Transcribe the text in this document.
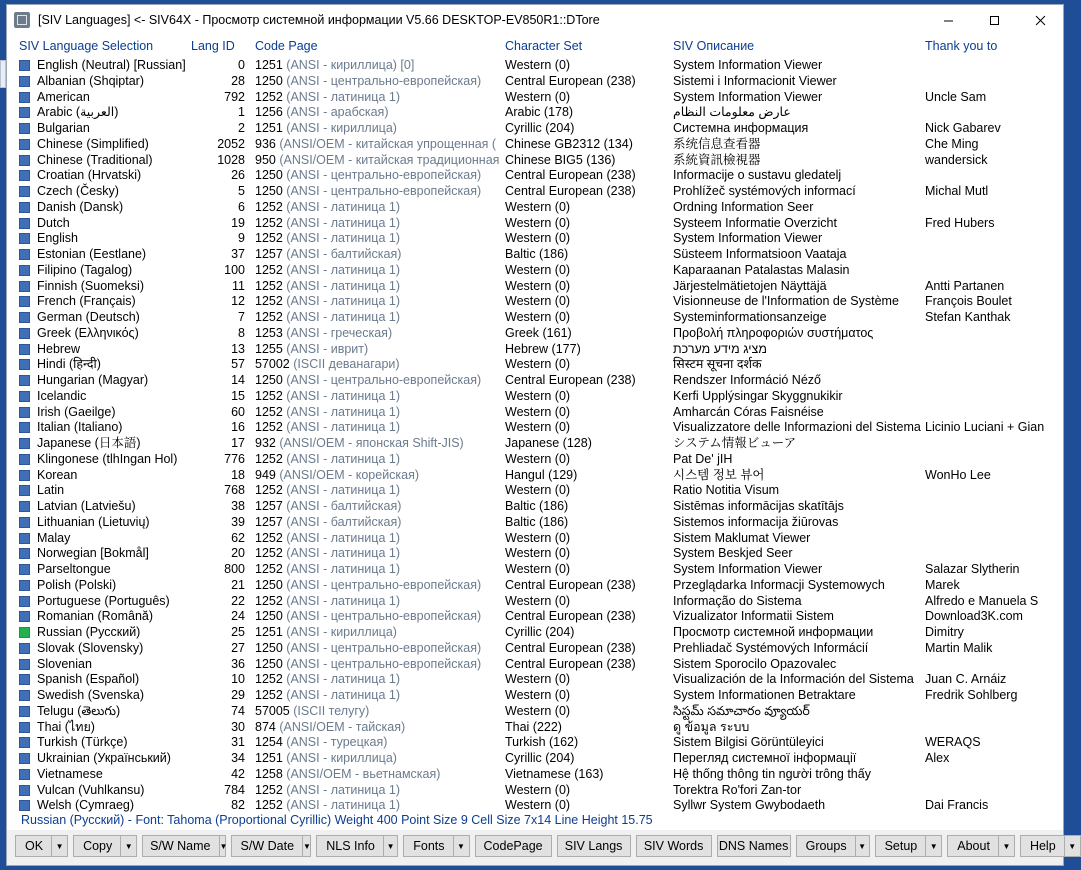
[SIV Languages] <- SIV64X - Просмотр системной информации V5.66 DESKTOP-EV850R1::DTore
SIV Language Selection	Lang ID Code Page	Character Set	SIV Описание	Thank you to
English (Neutral) [Russian]	0 1251 (ANSI - кириллица) [0]	Western (0)	System Information Viewer
Albanian (Shqiptar)	28 1250 (ANSI - центрально-европейская)	Central European (238)	Sistemi i Informacionit Viewer
American	792 1252 (ANSI - латиница 1)	Western (0)	System Information Viewer	Uncle Sam
Arabic (العربية)	1 1256 (ANSI - арабская)	Arabic (178)	عارض معلومات النظام
Bulgarian	2 1251 (ANSI - кириллица)	Cyrillic (204)	Системна информация	Nick Gabarev
Chinese (Simplified)	2052 936 (ANSI/OEM - китайская упрощенная ( Chinese GB2312 (134)	系统信息查看器	Che Ming
Chinese (Traditional)	1028 950 (ANSI/OEM - китайская традиционная Chinese BIG5 (136)	系統資訊檢視器	wandersick
Croatian (Hrvatski)	26 1250 (ANSI - центрально-европейская)	Central European (238)	Informacije o sustavu gledatelj
Czech (Česky)	5 1250 (ANSI - центрально-европейская)	Central European (238)	Prohlížeč systémových informací	Michal Mutl
Danish (Dansk)	6 1252 (ANSI - латиница 1)	Western (0)	Ordning Information Seer
Dutch	19 1252 (ANSI - латиница 1)	Western (0)	Systeem Informatie Overzicht	Fred Hubers
English	9 1252 (ANSI - латиница 1)	Western (0)	System Information Viewer
Estonian (Eestlane)	37 1257 (ANSI - балтийская)	Baltic (186)	Süsteem Informatsioon Vaataja
Filipino (Tagalog)	100 1252 (ANSI - латиница 1)	Western (0)	Kaparaanan Patalastas Malasin
Finnish (Suomeksi)	11 1252 (ANSI - латиница 1)	Western (0)	Järjestelmätietojen Näyttäjä	Antti Partanen
French (Français)	12 1252 (ANSI - латиница 1)	Western (0)	Visionneuse de l'Information de Système	François Boulet
German (Deutsch)	7 1252 (ANSI - латиница 1)	Western (0)	Systeminformationsanzeige	Stefan Kanthak
Greek (Ελληνικός)	8 1253 (ANSI - греческая)	Greek (161)	Προβολή πληροφοριών συστήματος
Hebrew	13 1255 (ANSI - иврит)	Hebrew (177)	מציג מידע מערכת
Hindi (हिन्दी)	57 57002 (ISCII деванагари)	Western (0)	सिस्टम सूचना दर्शक
Hungarian (Magyar)	14 1250 (ANSI - центрально-европейская)	Central European (238)	Rendszer Információ Néző
Icelandic	15 1252 (ANSI - латиница 1)	Western (0)	Kerfi Upplýsingar Skyggnukikir
Irish (Gaeilge)	60 1252 (ANSI - латиница 1)	Western (0)	Amharcán Córas Faisnéise
Italian (Italiano)	16 1252 (ANSI - латиница 1)	Western (0)	Visualizzatore delle Informazioni del Sistema Licinio Luciani + Gian
Japanese (日本語)	17 932 (ANSI/OEM - японская Shift-JIS)	Japanese (128)	システム情報ビューア
Klingonese (tlhIngan Hol)	776 1252 (ANSI - латиница 1)	Western (0)	Pat De' jIH
Korean	18 949 (ANSI/OEM - корейская)	Hangul (129)	시스템 정보 뷰어	WonHo Lee
Latin	768 1252 (ANSI - латиница 1)	Western (0)	Ratio Notitia Visum
Latvian (Latviešu)	38 1257 (ANSI - балтийская)	Baltic (186)	Sistēmas informācijas skatītājs
Lithuanian (Lietuvių)	39 1257 (ANSI - балтийская)	Baltic (186)	Sistemos informacija žiūrovas
Malay	62 1252 (ANSI - латиница 1)	Western (0)	Sistem Maklumat Viewer
Norwegian [Bokmål]	20 1252 (ANSI - латиница 1)	Western (0)	System Beskjed Seer
Parseltongue	800 1252 (ANSI - латиница 1)	Western (0)	System Information Viewer	Salazar Slytherin
Polish (Polski)	21 1250 (ANSI - центрально-европейская)	Central European (238)	Przeglądarka Informacji Systemowych	Marek
Portuguese (Português)	22 1252 (ANSI - латиница 1)	Western (0)	Informação do Sistema	Alfredo e Manuela S
Romanian (Română)	24 1250 (ANSI - центрально-европейская)	Central European (238)	Vizualizator Informatii Sistem	Download3K.com
Russian (Русский)	25 1251 (ANSI - кириллица)	Cyrillic (204)	Просмотр системной информации	Dimitry
Slovak (Slovensky)	27 1250 (ANSI - центрально-европейская)	Central European (238)	Prehliadač Systémových Informácií	Martin Malik
Slovenian	36 1250 (ANSI - центрально-европейская)	Central European (238)	Sistem Sporocilo Opazovalec
Spanish (Español)	10 1252 (ANSI - латиница 1)	Western (0)	Visualización de la Información del Sistema Juan C. Arnáiz
Swedish (Svenska)	29 1252 (ANSI - латиница 1)	Western (0)	System Informationen Betraktare	Fredrik Sohlberg
Telugu (తెలుగు)	74 57005 (ISCII телугу)	Western (0)	సిస్టమ్ సమాచారం వ్యూయర్
Thai (ไทย)	30 874 (ANSI/OEM - тайская)	Thai (222)	ดู ข้อมูล ระบบ
Turkish (Türkçe)	31 1254 (ANSI - турецкая)	Turkish (162)	Sistem Bilgisi Görüntüleyici	WERAQS
Ukrainian (Український)	34 1251 (ANSI - кириллица)	Cyrillic (204)	Перегляд системної інформації	Alex
Vietnamese	42 1258 (ANSI/OEM - вьетнамская)	Vietnamese (163)	Hệ thống thông tin người trông thấy
Vulcan (Vuhlkansu)	784 1252 (ANSI - латиница 1)	Western (0)	Torektra Ro'fori Zan-tor
Welsh (Cymraeg)	82 1252 (ANSI - латиница 1)	Western (0)	Syllwr System Gwybodaeth	Dai Francis
Russian (Русский) - Font: Tahoma (Proportional Cyrillic) Weight 400 Point Size 9 Cell Size 7x14 Line Height 15.75
OK	▼	Copy	▼	S/W Name	▼	S/W Date	▼	NLS Info	▼	Fonts	▼	CodePage	SIV Langs	SIV Words	DNS Names	Groups	▼	Setup	▼	About	▼	Help	▼
